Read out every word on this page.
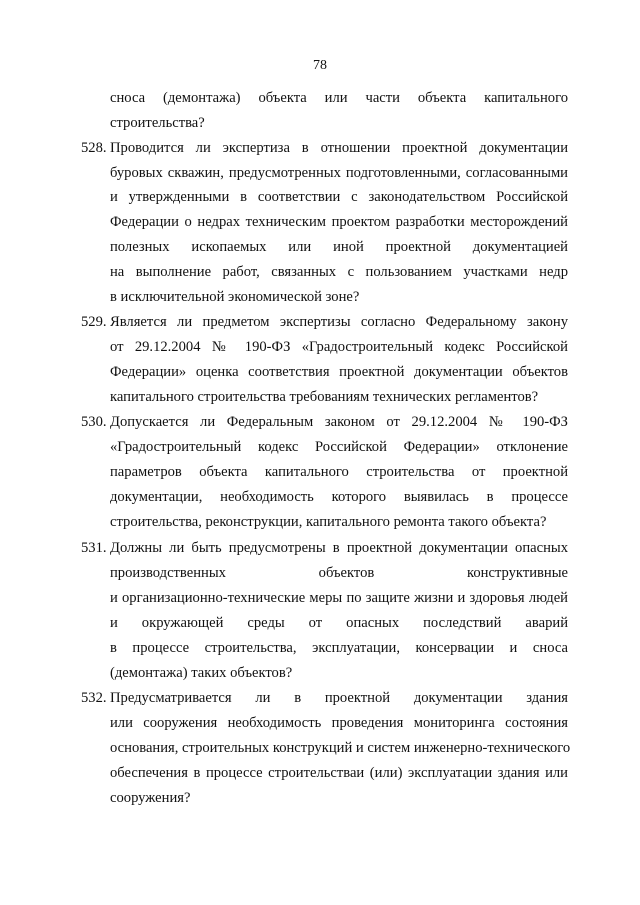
78
сноса (демонтажа) объекта или части объекта капитального
строительства?
528. Проводится ли экспертиза в отношении проектной документации
буровых скважин, предусмотренных подготовленными, согласованными
и утвержденными в соответствии с законодательством Российской
Федерации о недрах техническим проектом разработки месторождений
полезных ископаемых или иной проектной документацией
на выполнение работ, связанных с пользованием участками недр
в исключительной экономической зоне?
529. Является ли предметом экспертизы согласно Федеральному закону
от 29.12.2004 № 190-ФЗ «Градостроительный кодекс Российской
Федерации» оценка соответствия проектной документации объектов
капитального строительства требованиям технических регламентов?
530. Допускается ли Федеральным законом от 29.12.2004 № 190-ФЗ
«Градостроительный кодекс Российской Федерации» отклонение
параметров объекта капитального строительства от проектной
документации, необходимость которого выявилась в процессе
строительства, реконструкции, капитального ремонта такого объекта?
531. Должны ли быть предусмотрены в проектной документации опасных
производственных объектов конструктивные
и организационно-технические меры по защите жизни и здоровья людей
и окружающей среды от опасных последствий аварий
в процессе строительства, эксплуатации, консервации и сноса
(демонтажа) таких объектов?
532. Предусматривается ли в проектной документации здания
или сооружения необходимость проведения мониторинга состояния
основания, строительных конструкций и систем инженерно-технического
обеспечения в процессе строительстваи (или) эксплуатации здания или
сооружения?
